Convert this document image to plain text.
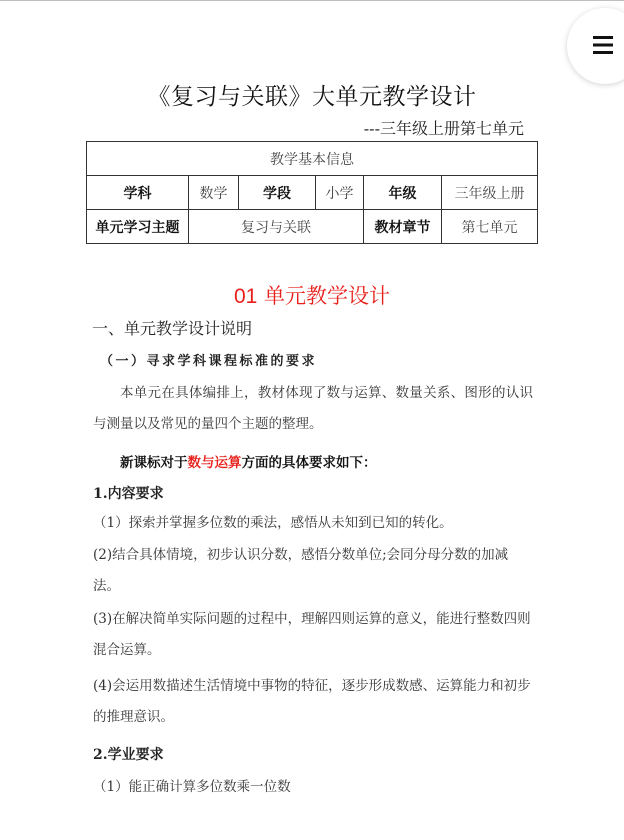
《复习与关联》大单元教学设计
---三年级上册第七单元
教学基本信息					
学科	数学	学段	小学	年级	三年级上册
单元学习主题	复习与关联			教材章节	第七单元
01 单元教学设计
一、单元教学设计说明
（一）寻求学科课程标准的要求
本单元在具体编排上，教材体现了数与运算、数量关系、图形的认识与测量以及常见的量四个主题的整理。
新课标对于数与运算方面的具体要求如下：
1.内容要求
（1）探索并掌握多位数的乘法，感悟从未知到已知的转化。
(2)结合具体情境，初步认识分数，感悟分数单位;会同分母分数的加减法。
(3)在解决简单实际问题的过程中，理解四则运算的意义，能进行整数四则混合运算。
(4)会运用数描述生活情境中事物的特征，逐步形成数感、运算能力和初步的推理意识。
2.学业要求
（1）能正确计算多位数乘一位数
